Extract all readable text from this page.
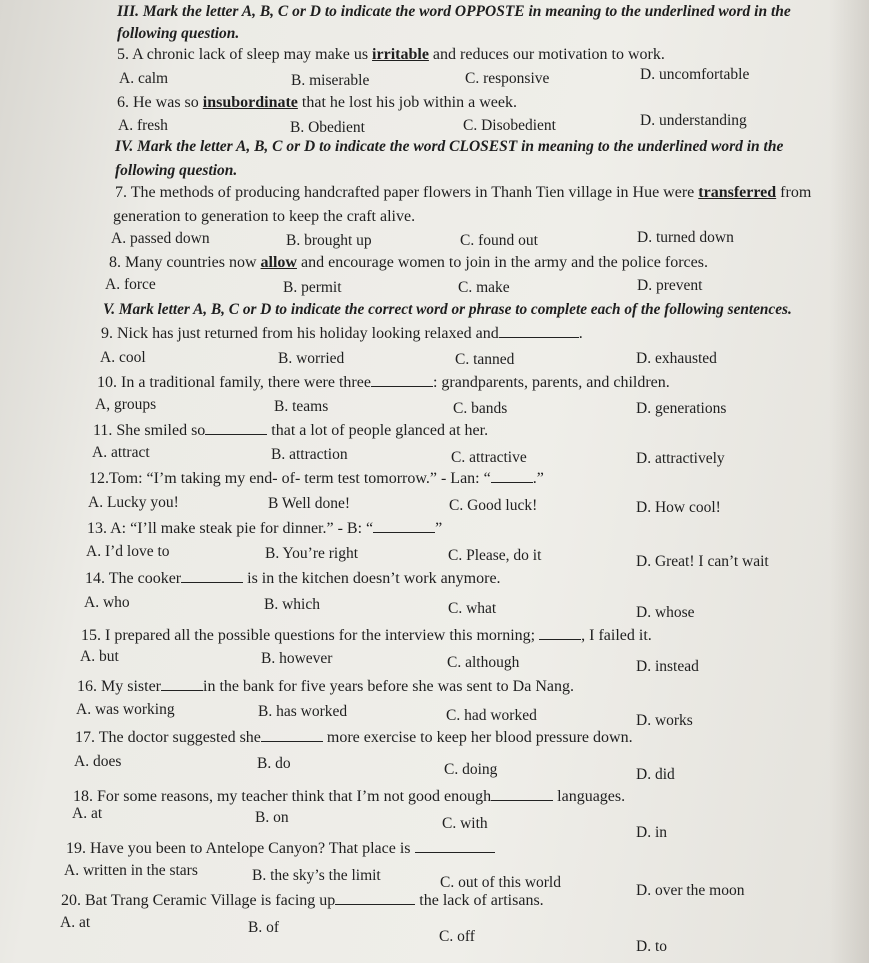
III. Mark the letter A, B, C or D to indicate the word OPPOSTE in meaning to the underlined word in the
following question.
5. A chronic lack of sleep may make us irritable and reduces our motivation to work.
A. calm	B. miserable	C. responsive	D. uncomfortable
6. He was so insubordinate that he lost his job within a week.
A. fresh	B. Obedient	C. Disobedient	D. understanding
IV. Mark the letter A, B, C or D to indicate the word CLOSEST in meaning to the underlined word in the
following question.
7. The methods of producing handcrafted paper flowers in Thanh Tien village in Hue were transferred from
generation to generation to keep the craft alive.
A. passed down	B. brought up	C. found out	D. turned down
8. Many countries now allow and encourage women to join in the army and the police forces.
A. force	B. permit	C. make	D. prevent
V. Mark letter A, B, C or D to indicate the correct word or phrase to complete each of the following sentences.
9. Nick has just returned from his holiday looking relaxed and	.
A. cool	B. worried	C. tanned	D. exhausted
10. In a traditional family, there were three	: grandparents, parents, and children.
A, groups	B. teams	C. bands	D. generations
11. She smiled so	that a lot of people glanced at her.
A. attract	B. attraction	C. attractive	D. attractively
12.Tom: “I’m taking my end- of- term test tomorrow.” - Lan: “	.”
A. Lucky you!	B Well done!	C. Good luck!	D. How cool!
13. A: “I’ll make steak pie for dinner.” - B: “	”
A. I’d love to	B. You’re right	C. Please, do it	D. Great! I can’t wait
14. The cooker	is in the kitchen doesn’t work anymore.
A. who	B. which	C. what	D. whose
15. I prepared all the possible questions for the interview this morning;	, I failed it.
A. but	B. however	C. although	D. instead
16. My sister	in the bank for five years before she was sent to Da Nang.
A. was working	B. has worked	C. had worked	D. works
17. The doctor suggested she	more exercise to keep her blood pressure down.
A. does	B. do	C. doing	D. did
18. For some reasons, my teacher think that I’m not good enough	languages.
A. at	B. on	C. with
D. in
19. Have you been to Antelope Canyon? That place is
A. written in the stars	B. the sky’s the limit	C. out of this world	D. over the moon
20. Bat Trang Ceramic Village is facing up	the lack of artisans.
A. at	B. of
C. off
D. to
